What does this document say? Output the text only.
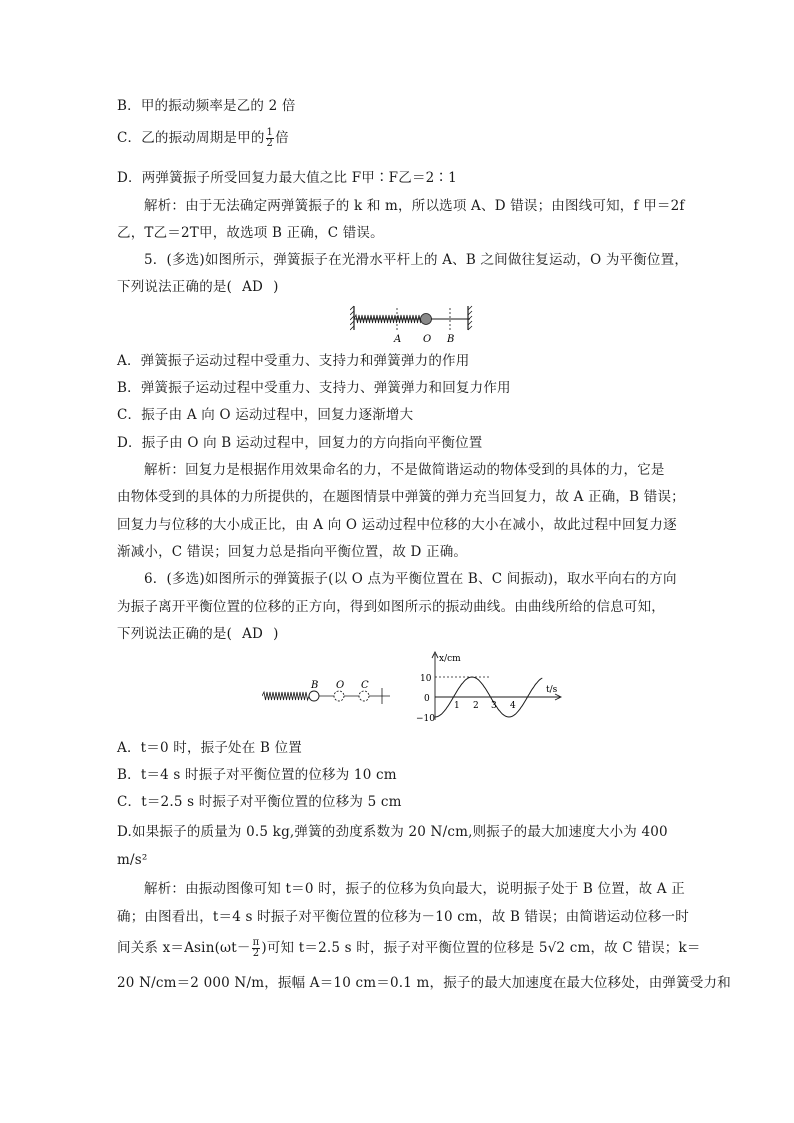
B．甲的振动频率是乙的 2 倍
C．乙的振动周期是甲的 $\frac{1}{2}$ 倍
D．两弹簧振子所受回复力最大值之比 F甲∶F乙＝2∶1
解析：由于无法确定两弹簧振子的 k 和 m，所以选项 A、D 错误；由图线可知，f 甲＝2f
乙，T乙＝2T甲，故选项 B 正确，C 错误。
5．(多选)如图所示，弹簧振子在光滑水平杆上的 A、B 之间做往复运动，O 为平衡位置，
下列说法正确的是( AD )
A O B
A．弹簧振子运动过程中受重力、支持力和弹簧弹力的作用
B．弹簧振子运动过程中受重力、支持力、弹簧弹力和回复力作用
C．振子由 A 向 O 运动过程中，回复力逐渐增大
D．振子由 O 向 B 运动过程中，回复力的方向指向平衡位置
解析：回复力是根据作用效果命名的力，不是做简谐运动的物体受到的具体的力，它是
由物体受到的具体的力所提供的，在题图情景中弹簧的弹力充当回复力，故 A 正确，B 错误；
回复力与位移的大小成正比，由 A 向 O 运动过程中位移的大小在减小，故此过程中回复力逐
渐减小，C 错误；回复力总是指向平衡位置，故 D 正确。
6．(多选)如图所示的弹簧振子(以 O 点为平衡位置在 B、C 间振动)，取水平向右的方向
为振子离开平衡位置的位移的正方向，得到如图所示的振动曲线。由曲线所给的信息可知，
下列说法正确的是( AD )
B O C
x/cm
t/s
10
0
−10
1 2 3 4
A．t＝0 时，振子处在 B 位置
B．t＝4 s 时振子对平衡位置的位移为 10 cm
C．t＝2.5 s 时振子对平衡位置的位移为 5 cm
D.如果振子的质量为 0.5 kg,弹簧的劲度系数为 20 N/cm,则振子的最大加速度大小为 400
m/s²
解析：由振动图像可知 t＝0 时，振子的位移为负向最大，说明振子处于 B 位置，故 A 正
确；由图看出，t＝4 s 时振子对平衡位置的位移为－10 cm，故 B 错误；由简谐运动位移一时
间关系 $x=Asin(\omega t- \frac{\pi}{2}$ )可知 t＝2.5 s 时，振子对平衡位置的位移是 5√2 cm，故 C 错误；k＝
20 N/cm＝2 000 N/m，振幅 A＝10 cm＝0.1 m，振子的最大加速度在最大位移处，由弹簧受力和
